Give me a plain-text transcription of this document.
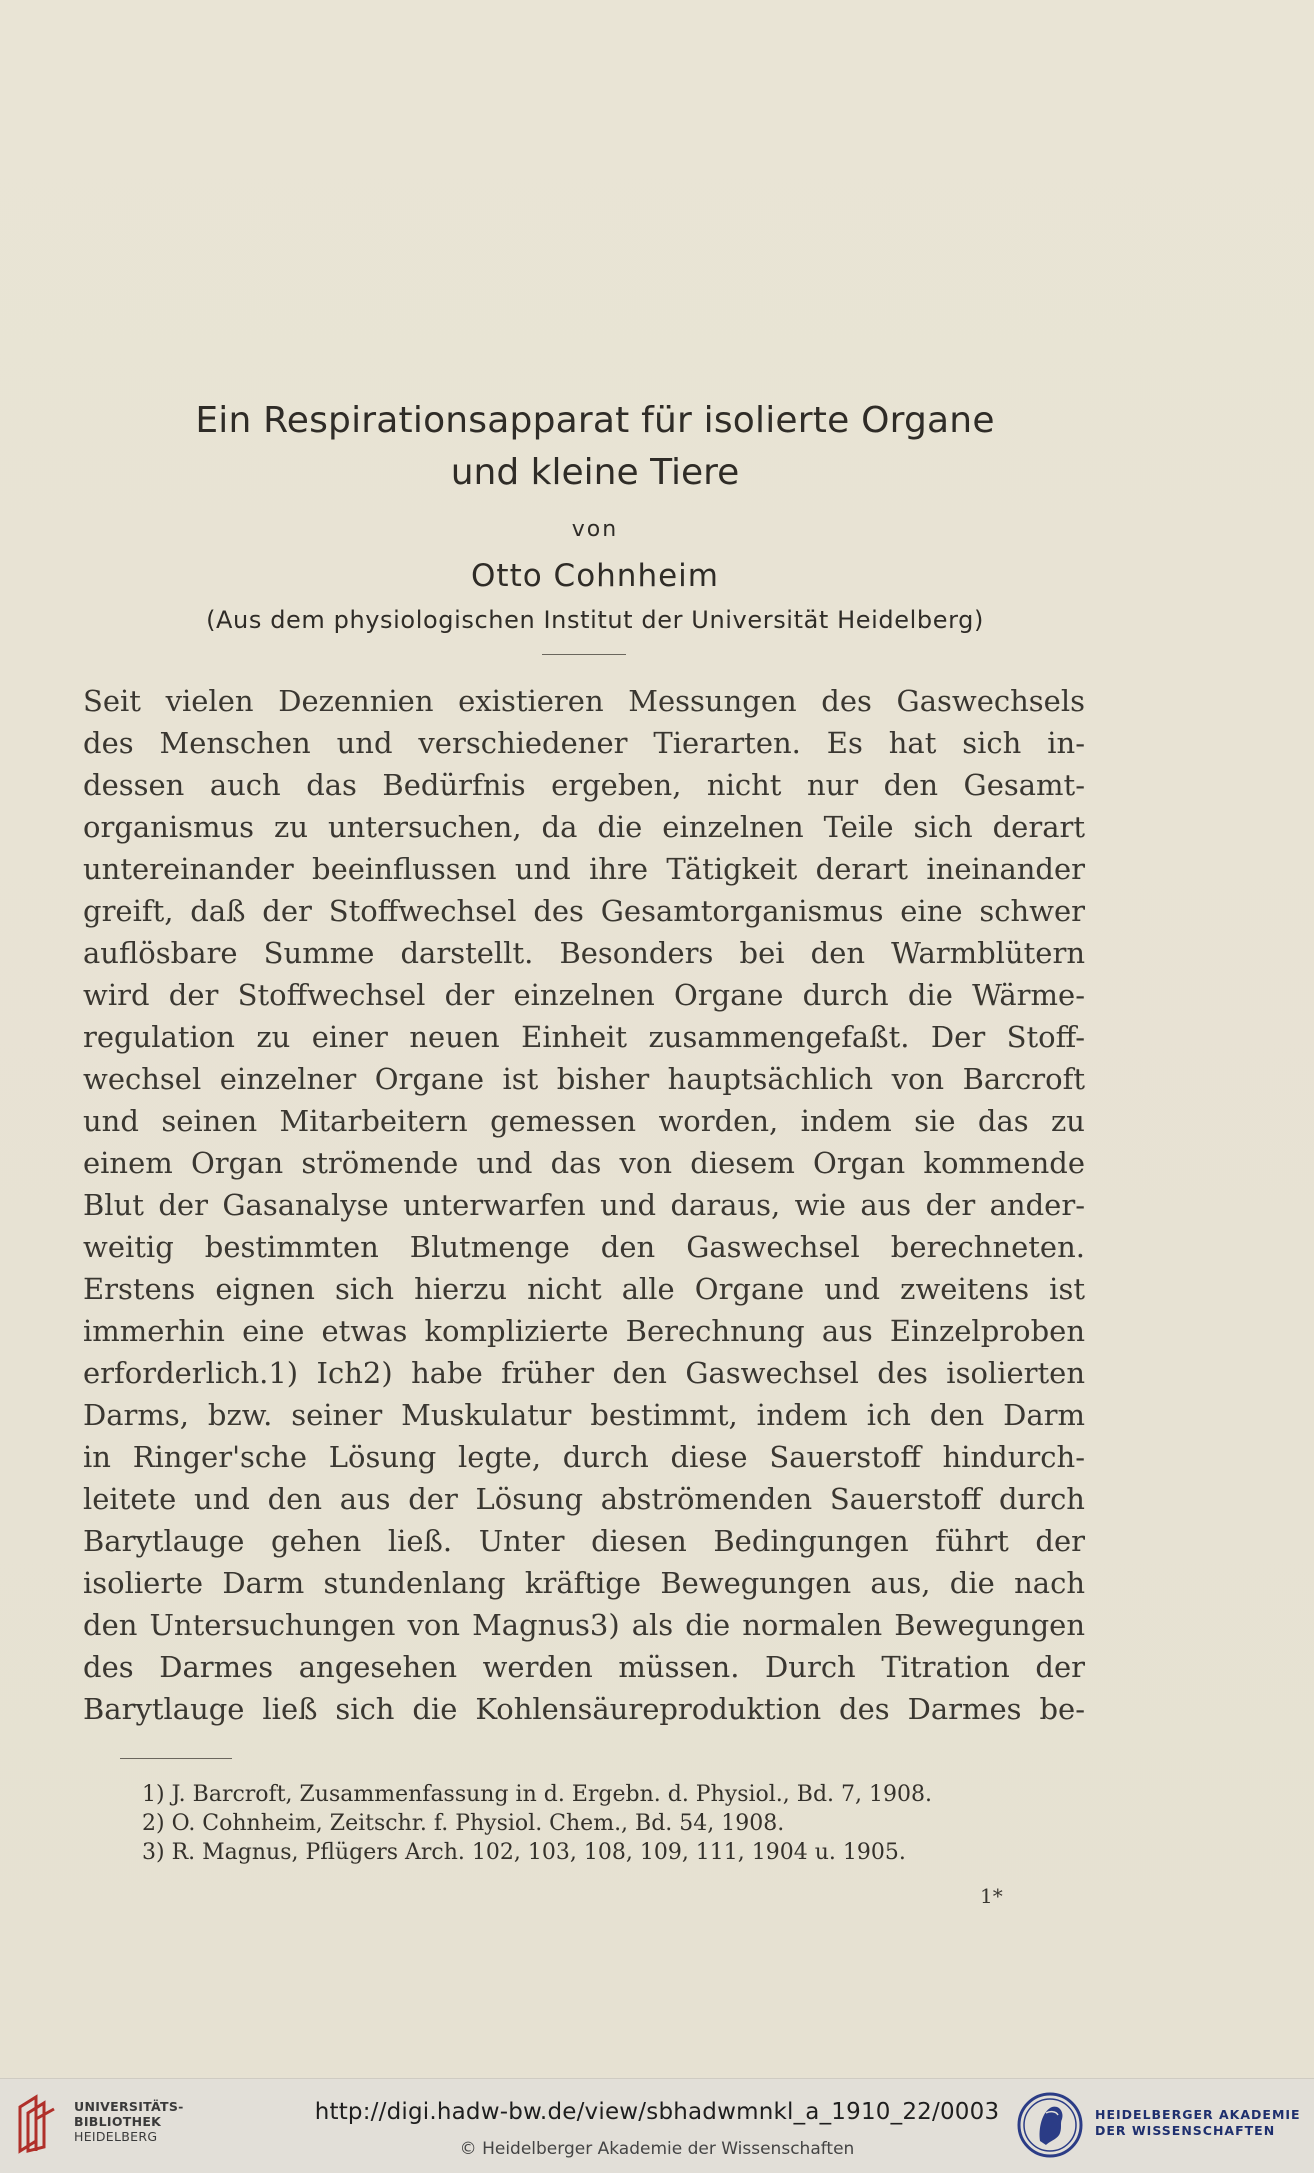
Ein Respirationsapparat für isolierte Organe
und kleine Tiere
von
Otto Cohnheim
(Aus dem physiologischen Institut der Universität Heidelberg)
Seit vielen Dezennien existieren Messungen des Gaswechsels
des Menschen und verschiedener Tierarten. Es hat sich in-
dessen auch das Bedürfnis ergeben, nicht nur den Gesamt-
organismus zu untersuchen, da die einzelnen Teile sich derart
untereinander beeinflussen und ihre Tätigkeit derart ineinander
greift, daß der Stoffwechsel des Gesamtorganismus eine schwer
auflösbare Summe darstellt. Besonders bei den Warmblütern
wird der Stoffwechsel der einzelnen Organe durch die Wärme-
regulation zu einer neuen Einheit zusammengefaßt. Der Stoff-
wechsel einzelner Organe ist bisher hauptsächlich von Barcroft
und seinen Mitarbeitern gemessen worden, indem sie das zu
einem Organ strömende und das von diesem Organ kommende
Blut der Gasanalyse unterwarfen und daraus, wie aus der ander-
weitig bestimmten Blutmenge den Gaswechsel berechneten.
Erstens eignen sich hierzu nicht alle Organe und zweitens ist
immerhin eine etwas komplizierte Berechnung aus Einzelproben
erforderlich.1) Ich2) habe früher den Gaswechsel des isolierten
Darms, bzw. seiner Muskulatur bestimmt, indem ich den Darm
in Ringer'sche Lösung legte, durch diese Sauerstoff hindurch-
leitete und den aus der Lösung abströmenden Sauerstoff durch
Barytlauge gehen ließ. Unter diesen Bedingungen führt der
isolierte Darm stundenlang kräftige Bewegungen aus, die nach
den Untersuchungen von Magnus3) als die normalen Bewegungen
des Darmes angesehen werden müssen. Durch Titration der
Barytlauge ließ sich die Kohlensäureproduktion des Darmes be-
1) J. Barcroft, Zusammenfassung in d. Ergebn. d. Physiol., Bd. 7, 1908.
2) O. Cohnheim, Zeitschr. f. Physiol. Chem., Bd. 54, 1908.
3) R. Magnus, Pflügers Arch. 102, 103, 108, 109, 111, 1904 u. 1905.
1*
UNIVERSITÄTS-
BIBLIOTHEK
HEIDELBERG
http://digi.hadw-bw.de/view/sbhadwmnkl_a_1910_22/0003
© Heidelberger Akademie der Wissenschaften
HEIDELBERGER AKADEMIE
DER WISSENSCHAFTEN
